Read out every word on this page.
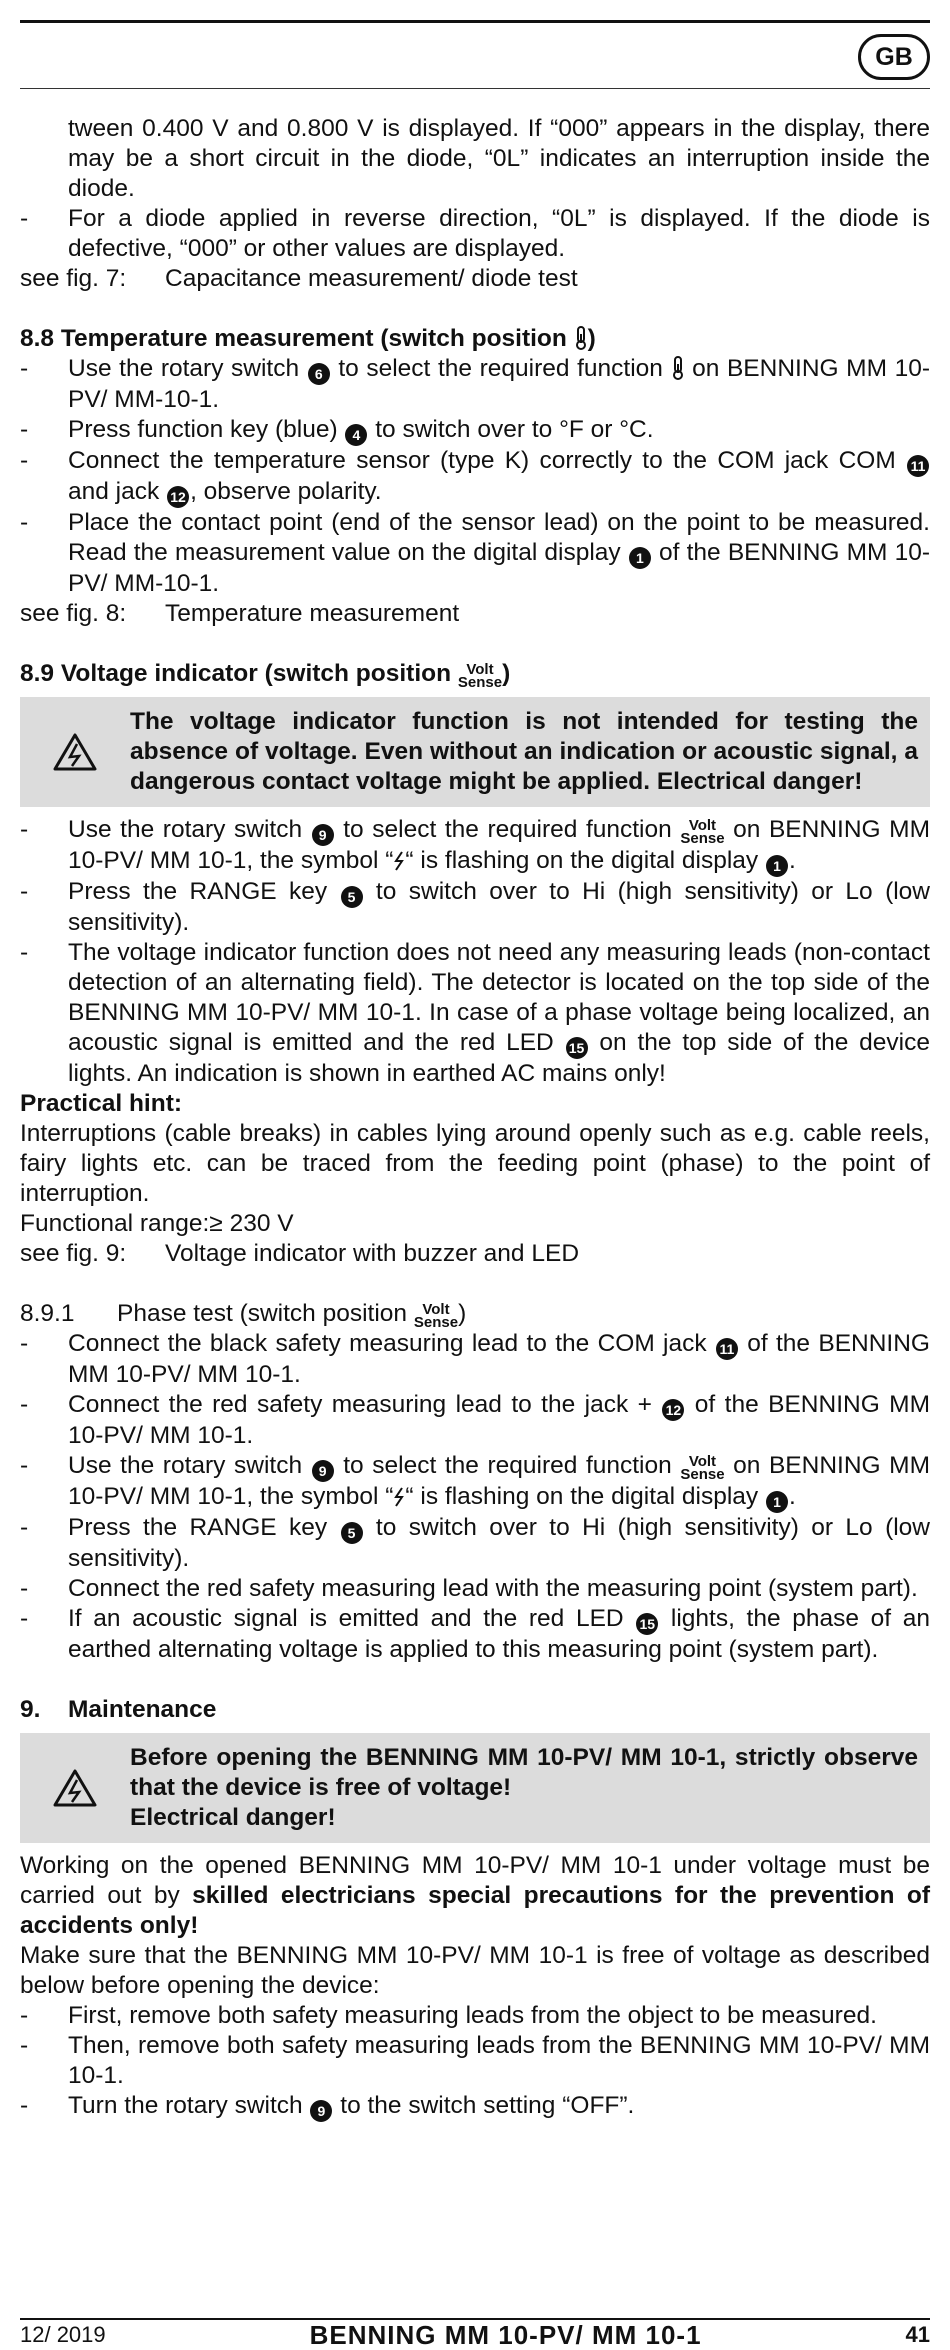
GB

tween 0.400 V and 0.800 V is displayed. If “000” appears in the display, there may be a short circuit in the diode, “0L” indicates an interruption inside the diode.

-	For a diode applied in reverse direction, “0L” is displayed. If the diode is defective, “000” or other values are displayed.
see fig. 7:	Capacitance measurement/ diode test

8.8 Temperature measurement (switch position )

-	Use the rotary switch 6 to select the required function  on BENNING MM 10-PV/ MM-10-1.
-	Press function key (blue) 4 to switch over to °F or °C.
-	Connect the temperature sensor (type K) correctly to the COM jack COM 11 and jack 12 , observe polarity.
-	Place the contact point (end of the sensor lead) on the point to be measured. Read the measurement value on the digital display 1 of the BENNING MM 10-PV/ MM-10-1.
see fig. 8:	Temperature measurement

8.9 Voltage indicator (switch position Volt
Sense )

The voltage indicator function is not intended for testing the absence of voltage. Even without an indication or acoustic signal, a dangerous contact voltage might be applied. Electrical danger!
-	Use the rotary switch 9 to select the required function Volt
Sense on BENNING MM 10-PV/ MM 10-1, the symbol “ “ is flashing on the digital display 1 .
-	Press the RANGE key 5 to switch over to Hi (high sensitivity) or Lo (low sensitivity).
-	The voltage indicator function does not need any measuring leads (non-contact detection of an alternating field). The detector is located on the top side of the BENNING MM 10-PV/ MM 10-1. In case of a phase voltage being localized, an acoustic signal is emitted and the red LED 15 on the top side of the device lights. An indication is shown in earthed AC mains only!

Practical hint:

Interruptions (cable breaks) in cables lying around openly such as e.g. cable reels, fairy lights etc. can be traced from the feeding point (phase) to the point of interruption.

Functional range:≥ 230 V

see fig. 9:	Voltage indicator with buzzer and LED
8.9.1	Phase test (switch position Volt
Sense )
-	Connect the black safety measuring lead to the COM jack 11 of the BENNING MM 10-PV/ MM 10-1.
-	Connect the red safety measuring lead to the jack + 12 of the BENNING MM 10-PV/ MM 10-1.
-	Use the rotary switch 9 to select the required function Volt
Sense on BENNING MM 10-PV/ MM 10-1, the symbol “ “ is flashing on the digital display 1 .
-	Press the RANGE key 5 to switch over to Hi (high sensitivity) or Lo (low sensitivity).
-	Connect the red safety measuring lead with the measuring point (system part).
-	If an acoustic signal is emitted and the red LED 15 lights, the phase of an earthed alternating voltage is applied to this measuring point (system part).
9.	Maintenance
Before opening the BENNING MM 10-PV/ MM 10-1, strictly observe that the device is free of voltage!
Electrical danger!

Working on the opened BENNING MM 10-PV/ MM 10-1 under voltage must be carried out by skilled electricians special precautions for the prevention of accidents only!

Make sure that the BENNING MM 10-PV/ MM 10-1 is free of voltage as described below before opening the device:

-	First, remove both safety measuring leads from the object to be measured.
-	Then, remove both safety measuring leads from the BENNING MM 10-PV/ MM 10-1.
-	Turn the rotary switch 9 to the switch setting “OFF”.
12/ 2019	BENNING MM 10-PV/ MM 10-1	41
